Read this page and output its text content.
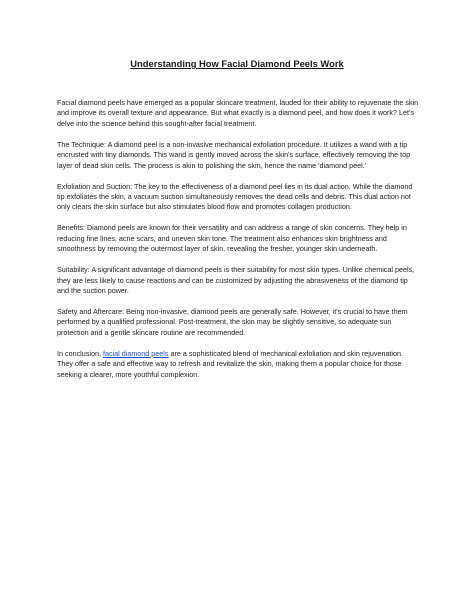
Understanding How Facial Diamond Peels Work

Facial diamond peels have emerged as a popular skincare treatment, lauded for their ability to rejuvenate the skin and improve its overall texture and appearance. But what exactly is a diamond peel, and how does it work? Let's delve into the science behind this sought-after facial treatment.

The Technique: A diamond peel is a non-invasive mechanical exfoliation procedure. It utilizes a wand with a tip encrusted with tiny diamonds. This wand is gently moved across the skin's surface, effectively removing the top layer of dead skin cells. The process is akin to polishing the skin, hence the name 'diamond peel.'

Exfoliation and Suction: The key to the effectiveness of a diamond peel lies in its dual action. While the diamond tip exfoliates the skin, a vacuum suction simultaneously removes the dead cells and debris. This dual action not only clears the skin surface but also stimulates blood flow and promotes collagen production.

Benefits: Diamond peels are known for their versatility and can address a range of skin concerns. They help in reducing fine lines, acne scars, and uneven skin tone. The treatment also enhances skin brightness and smoothness by removing the outermost layer of skin, revealing the fresher, younger skin underneath.

Suitability: A significant advantage of diamond peels is their suitability for most skin types. Unlike chemical peels, they are less likely to cause reactions and can be customized by adjusting the abrasiveness of the diamond tip and the suction power.

Safety and Aftercare: Being non-invasive, diamond peels are generally safe. However, it's crucial to have them performed by a qualified professional. Post-treatment, the skin may be slightly sensitive, so adequate sun protection and a gentle skincare routine are recommended.

In conclusion, facial diamond peels are a sophisticated blend of mechanical exfoliation and skin rejuvenation. They offer a safe and effective way to refresh and revitalize the skin, making them a popular choice for those seeking a clearer, more youthful complexion.
